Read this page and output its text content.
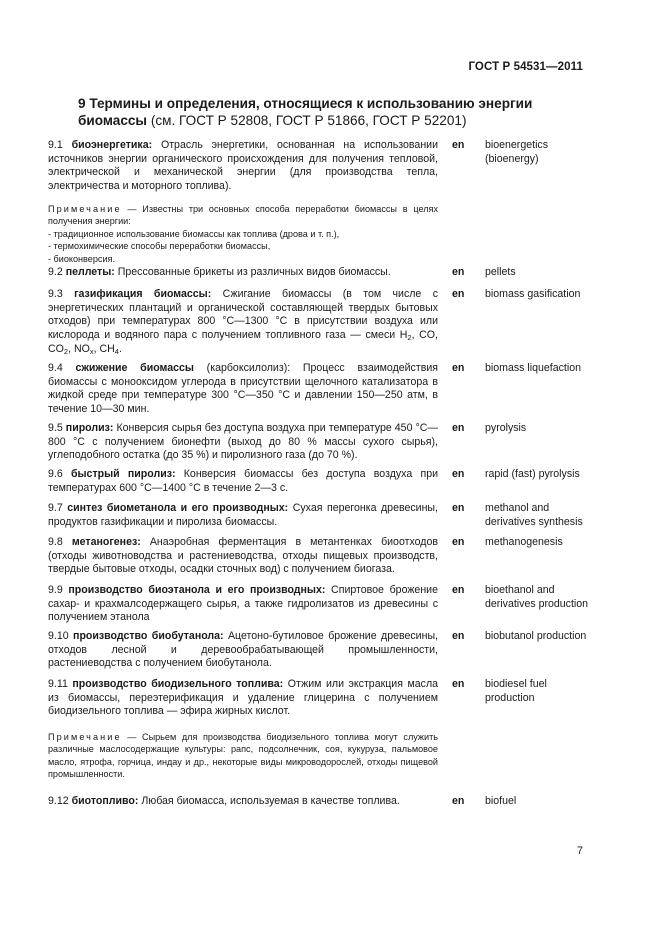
ГОСТ Р 54531—2011
9 Термины и определения, относящиеся к использованию энергии биомассы (см. ГОСТ Р 52808, ГОСТ Р 51866, ГОСТ Р 52201)
9.1 биоэнергетика: Отрасль энергетики, основанная на использовании источников энергии органического происхождения для получения тепловой, электрической и механической энергии (для производства тепла, электричества и моторного топлива).
en bioenergetics (bioenergy)
Примечание — Известны три основных способа переработки биомассы в целях получения энергии:
- традиционное использование биомассы как топлива (дрова и т. п.),
- термохимические способы переработки биомассы,
- биоконверсия.
9.2 пеллеты: Прессованные брикеты из различных видов биомассы.	en pellets
9.3 газификация биомассы: Сжигание биомассы (в том числе с энергетических плантаций и органической составляющей твердых бытовых отходов) при температурах 800 °С—1300 °С в присутствии воздуха или кислорода и водяного пара с получением топливного газа — смеси $H_2$, CO, $CO_2$, $NO_х$, $CH_4$.
en biomass gasification
9.4 сжижение биомассы (карбоксилолиз): Процесс взаимодействия биомассы с монооксидом углерода в присутствии щелочного катализатора в жидкой среде при температуре 300 °С—350 °С и давлении 150—250 атм, в течение 10—30 мин.
en biomass liquefaction
9.5 пиролиз: Конверсия сырья без доступа воздуха при температуре 450 °С—800 °С с получением бионефти (выход до 80 % массы сухого сырья), углеподобного остатка (до 35 %) и пиролизного газа (до 70 %).
en pyrolysis
9.6 быстрый пиролиз: Конверсия биомассы без доступа воздуха при температурах 600 °С—1400 °С в течение 2—3 с.
en rapid (fast) pyrolysis
9.7 синтез биометанола и его производных: Сухая перегонка древесины, продуктов газификации и пиролиза биомассы.
en methanol and derivatives synthesis
9.8 метаногенез: Анаэробная ферментация в метантенках биоотходов (отходы животноводства и растениеводства, отходы пищевых производств, твердые бытовые отходы, осадки сточных вод) с получением биогаза.
en methanogenesis
9.9 производство биоэтанола и его производных: Спиртовое брожение сахар- и крахмалсодержащего сырья, а также гидролизатов из древесины с получением этанола
en bioethanol and derivatives production
9.10 производство биобутанола: Ацетоно-бутиловое брожение древесины, отходов лесной и деревообрабатывающей промышленности, растениеводства с получением биобутанола.
en biobutanol production
9.11 производство биодизельного топлива: Отжим или экстракция масла из биомассы, переэтерификация и удаление глицерина с получением биодизельного топлива — эфира жирных кислот.
en biodiesel fuel production
Примечание — Сырьем для производства биодизельного топлива могут служить различные маслосодержащие культуры: рапс, подсолнечник, соя, кукуруза, пальмовое масло, ятрофа, горчица, индау и др., некоторые виды микроводорослей, отходы пищевой промышленности.
9.12 биотопливо: Любая биомасса, используемая в качестве топлива.	en biofuel
7
